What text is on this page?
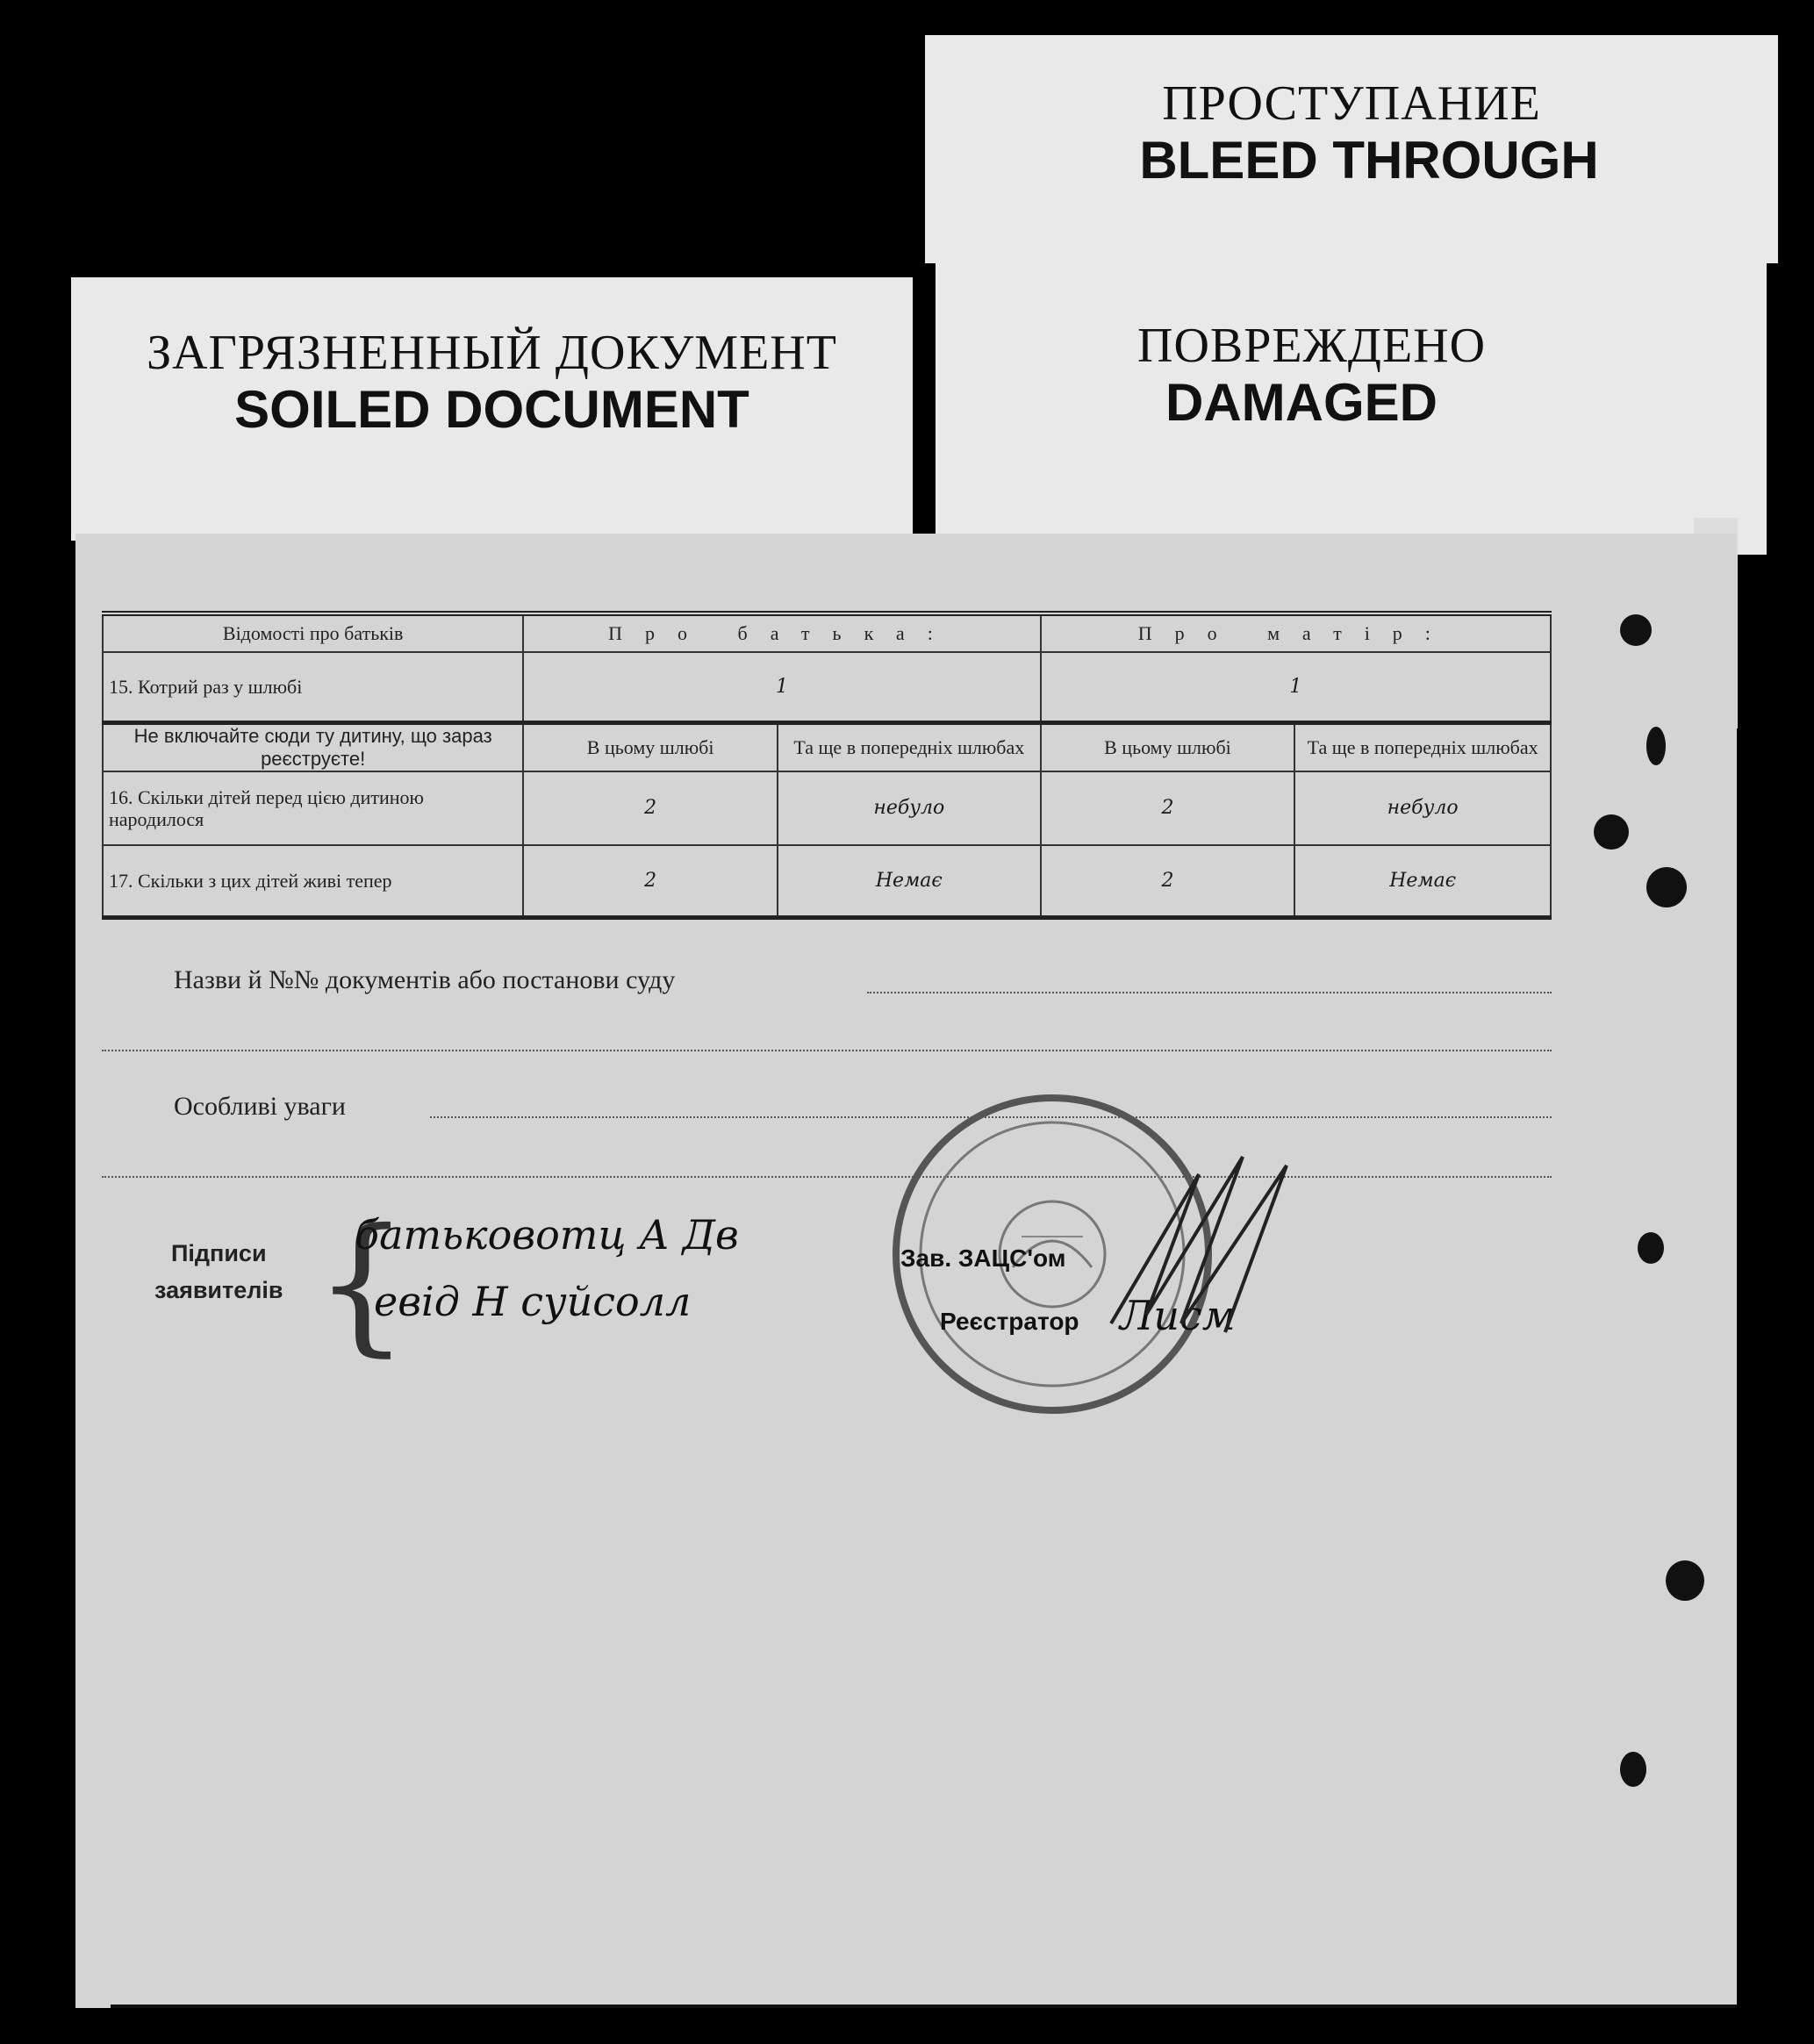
ПРОСТУПАНИЕ
BLEED THROUGH
ПОВРЕЖДЕНО
DAMAGED
ЗАГРЯЗНЕННЫЙ ДОКУМЕНТ
SOILED DOCUMENT
Відомості про батьків	Про батька:		Про матір:	
15. Котрий раз у шлюбі	1		1	
Не включайте сюди ту дитину, що зараз реєструєте!	В цьому шлюбі	Та ще в попередніх шлюбах	В цьому шлюбі	Та ще в попередніх шлюбах
16. Скільки дітей перед цією дитиною народилося	2	небуло	2	небуло
17. Скільки з цих дітей живі тепер	2	Немає	2	Немає
Назви й №№ документів або постанови суду
Особливі уваги
Підписи
заявителів {
батьковотц А Дв
евід Н суйсолл
Зав. ЗАЦС'ом
Реєстратор Лисм
